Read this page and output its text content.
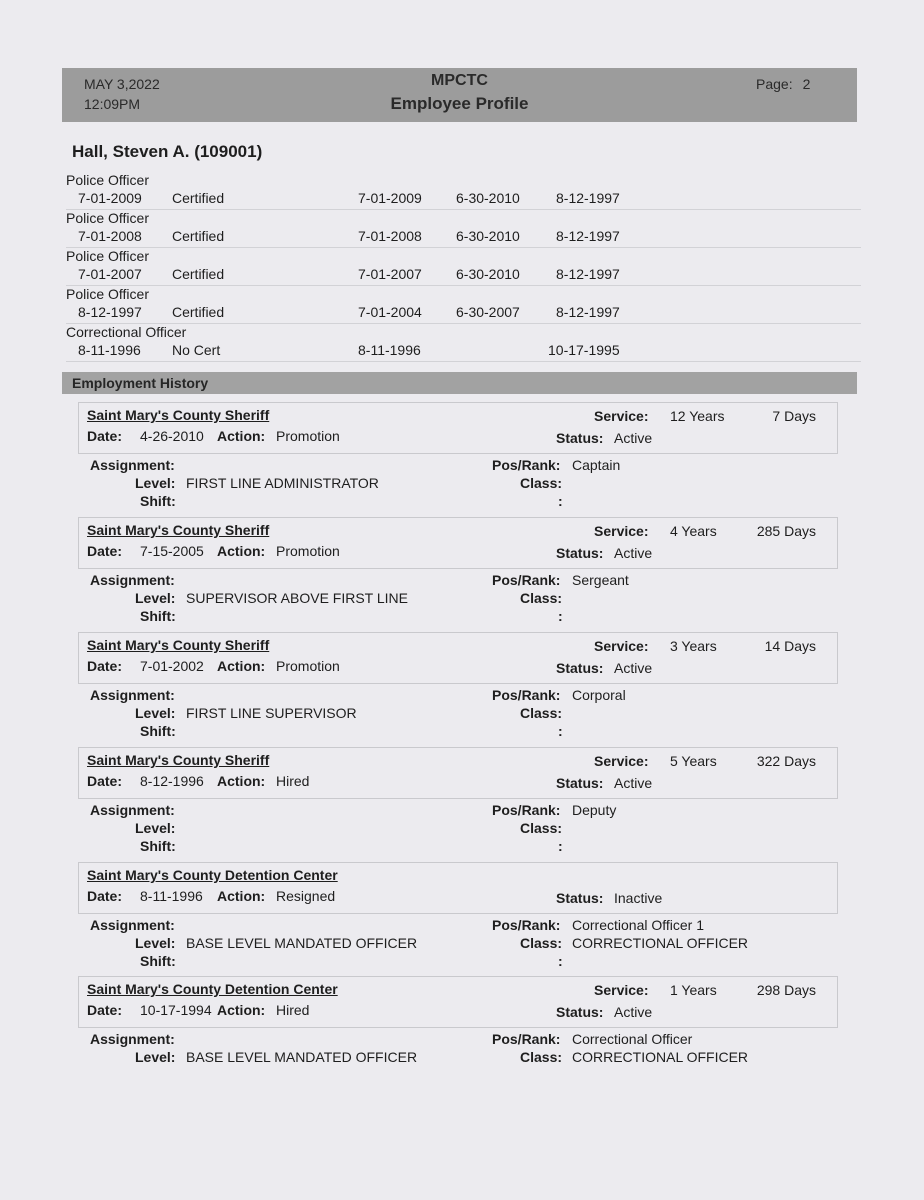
MAY 3,2022
12:09PM
MPCTC
Employee Profile
Page: 2
Hall, Steven A. (109001)
Police Officer
7-01-2009 Certified	7-01-2009 6-30-2010	8-12-1997
Police Officer
7-01-2008 Certified	7-01-2008 6-30-2010	8-12-1997
Police Officer
7-01-2007 Certified	7-01-2007 6-30-2010	8-12-1997
Police Officer
8-12-1997 Certified	7-01-2004 6-30-2007	8-12-1997
Correctional Officer
8-11-1996 No Cert	8-11-1996	10-17-1995
Employment History
Saint Mary's County Sheriff
Date: 4-26-2010 Action: Promotion
Service: 12 Years	7 Days
Status: Active
Assignment:
Level: FIRST LINE ADMINISTRATOR
Shift:
Pos/Rank: Captain
Class:
:
Saint Mary's County Sheriff
Date: 7-15-2005 Action: Promotion
Service: 4 Years	285 Days
Status: Active
Assignment:
Level: SUPERVISOR ABOVE FIRST LINE
Shift:
Pos/Rank: Sergeant
Class:
:
Saint Mary's County Sheriff
Date: 7-01-2002 Action: Promotion
Service: 3 Years	14 Days
Status: Active
Assignment:
Level: FIRST LINE SUPERVISOR
Shift:
Pos/Rank: Corporal
Class:
:
Saint Mary's County Sheriff
Date: 8-12-1996 Action: Hired
Service: 5 Years	322 Days
Status: Active
Assignment:
Level:
Shift:
Pos/Rank: Deputy
Class:
:
Saint Mary's County Detention Center
Date: 8-11-1996 Action: Resigned	Status: Inactive
Assignment:
Level: BASE LEVEL MANDATED OFFICER
Shift:
Pos/Rank: Correctional Officer 1
Class: CORRECTIONAL OFFICER
:
Saint Mary's County Detention Center
Date: 10-17-1994 Action: Hired
Service: 1 Years	298 Days
Status: Active
Assignment:
Level: BASE LEVEL MANDATED OFFICER
Pos/Rank: Correctional Officer
Class: CORRECTIONAL OFFICER
